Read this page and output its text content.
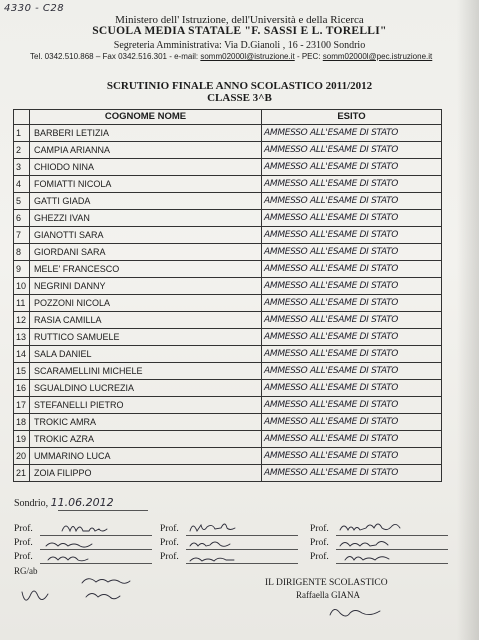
4330 - C28
Ministero dell' Istruzione, dell'Università e della Ricerca
SCUOLA MEDIA STATALE "F. SASSI E L. TORELLI"
Segreteria Amministrativa: Via D.Gianoli , 16 - 23100 Sondrio
Tel. 0342.510.868 – Fax 0342.516.301 - e-mail: somm02000l@istruzione.it - PEC: somm02000l@pec.istruzione.it
SCRUTINIO FINALE ANNO SCOLASTICO 2011/2012
CLASSE 3^B
	COGNOME NOME	ESITO
1	BARBERI LETIZIA	AMMESSO ALL'ESAME DI STATO
2	CAMPIA ARIANNA	AMMESSO ALL'ESAME DI STATO
3	CHIODO NINA	AMMESSO ALL'ESAME DI STATO
4	FOMIATTI NICOLA	AMMESSO ALL'ESAME DI STATO
5	GATTI GIADA	AMMESSO ALL'ESAME DI STATO
6	GHEZZI IVAN	AMMESSO ALL'ESAME DI STATO
7	GIANOTTI SARA	AMMESSO ALL'ESAME DI STATO
8	GIORDANI SARA	AMMESSO ALL'ESAME DI STATO
9	MELE' FRANCESCO	AMMESSO ALL'ESAME DI STATO
10	NEGRINI DANNY	AMMESSO ALL'ESAME DI STATO
11	POZZONI NICOLA	AMMESSO ALL'ESAME DI STATO
12	RASIA CAMILLA	AMMESSO ALL'ESAME DI STATO
13	RUTTICO SAMUELE	AMMESSO ALL'ESAME DI STATO
14	SALA DANIEL	AMMESSO ALL'ESAME DI STATO
15	SCARAMELLINI MICHELE	AMMESSO ALL'ESAME DI STATO
16	SGUALDINO LUCREZIA	AMMESSO ALL'ESAME DI STATO
17	STEFANELLI PIETRO	AMMESSO ALL'ESAME DI STATO
18	TROKIC AMRA	AMMESSO ALL'ESAME DI STATO
19	TROKIC AZRA	AMMESSO ALL'ESAME DI STATO
20	UMMARINO LUCA	AMMESSO ALL'ESAME DI STATO
21	ZOIA FILIPPO	AMMESSO ALL'ESAME DI STATO
Sondrio, 11.06.2012
Prof.	Prof.	Prof.
Prof.	Prof.	Prof.
Prof.	Prof.	Prof.
RG/ab
IL DIRIGENTE SCOLASTICO
Raffaella GIANA
